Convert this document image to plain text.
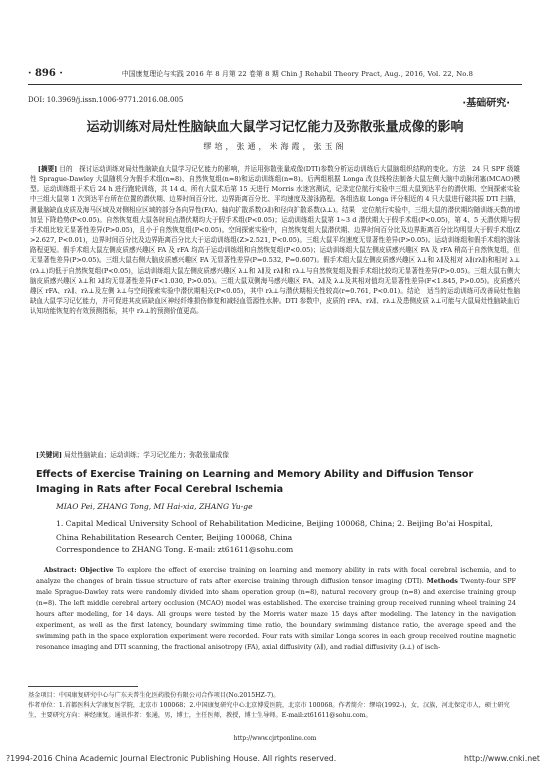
· 896 ·	中国康复理论与实践 2016 年 8 月第 22 卷第 8 期 Chin J Rehabil Theory Pract, Aug., 2016, Vol. 22, No.8
DOI: 10.3969/j.issn.1006-9771.2016.08.005	·基础研究·
运动训练对局灶性脑缺血大鼠学习记忆能力及弥散张量成像的影响
缪培，张通，米海霞，张玉阁
[摘要] 目的　探讨运动训练对局灶性脑缺血大鼠学习记忆能力的影响，并运用弥散张量成像(DTI)参数分析运动训练后大鼠脑组织结构的变化。方法　24 只 SPF 级雄性 Sprague-Dawley 大鼠随机分为假手术组(n=8)、自然恢复组(n=8)和运动训练组(n=8)。后两组根据 Longa 改良线栓法制备大鼠左侧大脑中动脉闭塞(MCAO)模型。运动训练组于术后 24 h 进行跑轮训练，共 14 d。所有大鼠术后第 15 天进行 Morris 水迷宫测试，记录定位航行实验中三组大鼠到达平台的潜伏期、空间探索实验中三组大鼠第 1 次到达平台所在位置的潜伏期、边界时间百分比、边界距离百分比、平均速度及游泳路程。各组选取 Longa 评分相近的 4 只大鼠进行磁共振 DTI 扫描，测量脑缺血皮质及海马区域及对侧相应区域的部分各向异性(FA)、轴向扩散系数(λ∥)和径向扩散系数(λ⊥)。结果　定位航行实验中，三组大鼠的潜伏期均随训练天数的增加呈下降趋势(P<0.05)。自然恢复组大鼠各时间点潜伏期均大于假手术组(P<0.05)；运动训练组大鼠第 1~3 d 潜伏期大于假手术组(P<0.05)，第 4、5 天潜伏期与假手术组比较无显著性差异(P>0.05)，且小于自然恢复组(P<0.05)。空间探索实验中，自然恢复组大鼠潜伏期、边界时间百分比及边界距离百分比均明显大于假手术组(Z>2.627, P<0.01)，边界时间百分比及边界距离百分比大于运动训练组(Z>2.521, P<0.05)。三组大鼠平均速度无显著性差异(P>0.05)。运动训练组和假手术组的游泳路程更短。假手术组大鼠左侧皮质感兴趣区 FA 及 rFA 均高于运动训练组和自然恢复组(P<0.05)；运动训练组大鼠左侧皮质感兴趣区 FA 及 rFA 稍高于自然恢复组，但无显著性差异(P>0.05)。三组大鼠右侧大脑皮质感兴趣区 FA 无显著性差异(P=0.532, P=0.607)。假手术组大鼠左侧皮质感兴趣区 λ⊥和 λ∥及相对 λ∥(rλ∥)和相对 λ⊥(rλ⊥)均低于自然恢复组(P<0.05)，运动训练组大鼠左侧皮质感兴趣区 λ⊥和 λ∥及 rλ∥和 rλ⊥与自然恢复组及假手术组比较均无显著性差异(P>0.05)。三组大鼠右侧大脑皮质感兴趣区 λ⊥和 λ∥均无显著性差异(F<1.030, P>0.05)。三组大鼠双侧海马感兴趣区 FA、λ∥及 λ⊥及其相对值均无显著性差异(F<1.845, P>0.05)。皮质感兴趣区 rFA、rλ∥、rλ⊥及左侧 λ⊥与空间探索实验中潜伏期相关(P<0.05)，其中 rλ⊥与潜伏期相关性较高(r=0.761, P<0.01)。结论　适当的运动训练可改善局灶性脑缺血大鼠学习记忆能力，并可促进其皮质缺血区神经纤维损伤修复和减轻血管源性水肿。DTI 参数中，皮质的 rFA、rλ∥、rλ⊥及患侧皮质 λ⊥可能与大鼠局灶性脑缺血后认知功能恢复的有效预测指标，其中 rλ⊥的预测价值更高。
[关键词] 局灶性脑缺血；运动训练；学习记忆能力；弥散张量成像
Effects of Exercise Training on Learning and Memory Ability and Diffusion Tensor Imaging in Rats after Focal Cerebral Ischemia
MIAO Pei, ZHANG Tong, MI Hai-xia, ZHANG Yu-ge
1. Capital Medical University School of Rehabilitation Medicine, Beijing 100068, China; 2. Beijing Bo'ai Hospital, China Rehabilitation Research Center, Beijing 100068, China
Correspondence to ZHANG Tong. E-mail: zt61611@sohu.com
Abstract: Objective To explore the effect of exercise training on learning and memory ability in rats with focal cerebral ischemia, and to analyze the changes of brain tissue structure of rats after exercise training through diffusion tensor imaging (DTI). Methods Twenty-four SPF male Sprague-Dawley rats were randomly divided into sham operation group (n=8), natural recovery group (n=8) and exercise training group (n=8). The left middle cerebral artery occlusion (MCAO) model was established. The exercise training group received running wheel training 24 hours after modeling, for 14 days. All groups were tested by the Morris water maze 15 days after modeling. The latency in the navigation experiment, as well as the first latency, boundary swimming time ratio, the boundary swimming distance ratio, the average speed and the swimming path in the space exploration experiment were recorded. Four rats with similar Longa scores in each group received routine magnetic resonance imaging and DTI scanning, the fractional anisotropy (FA), axial diffusivity (λ∥), and radial diffusivity (λ⊥) of isch-
基金项目：中国康复研究中心与广东天普生化医药股份有限公司合作项目(No.2015HZ-7)。
作者单位：1.首都医科大学康复医学院，北京市 100068；2.中国康复研究中心北京博爱医院，北京市 100068。作者简介：缪培(1992-)，女，汉族，河北保定市人，硕士研究生，主要研究方向：神经康复。通讯作者：张通，男，博士，主任医师，教授，博士生导师。E-mail:zt61611@sohu.com。
http://www.cjrtponline.com
?1994-2016 China Academic Journal Electronic Publishing House. All rights reserved.	http://www.cnki.net
